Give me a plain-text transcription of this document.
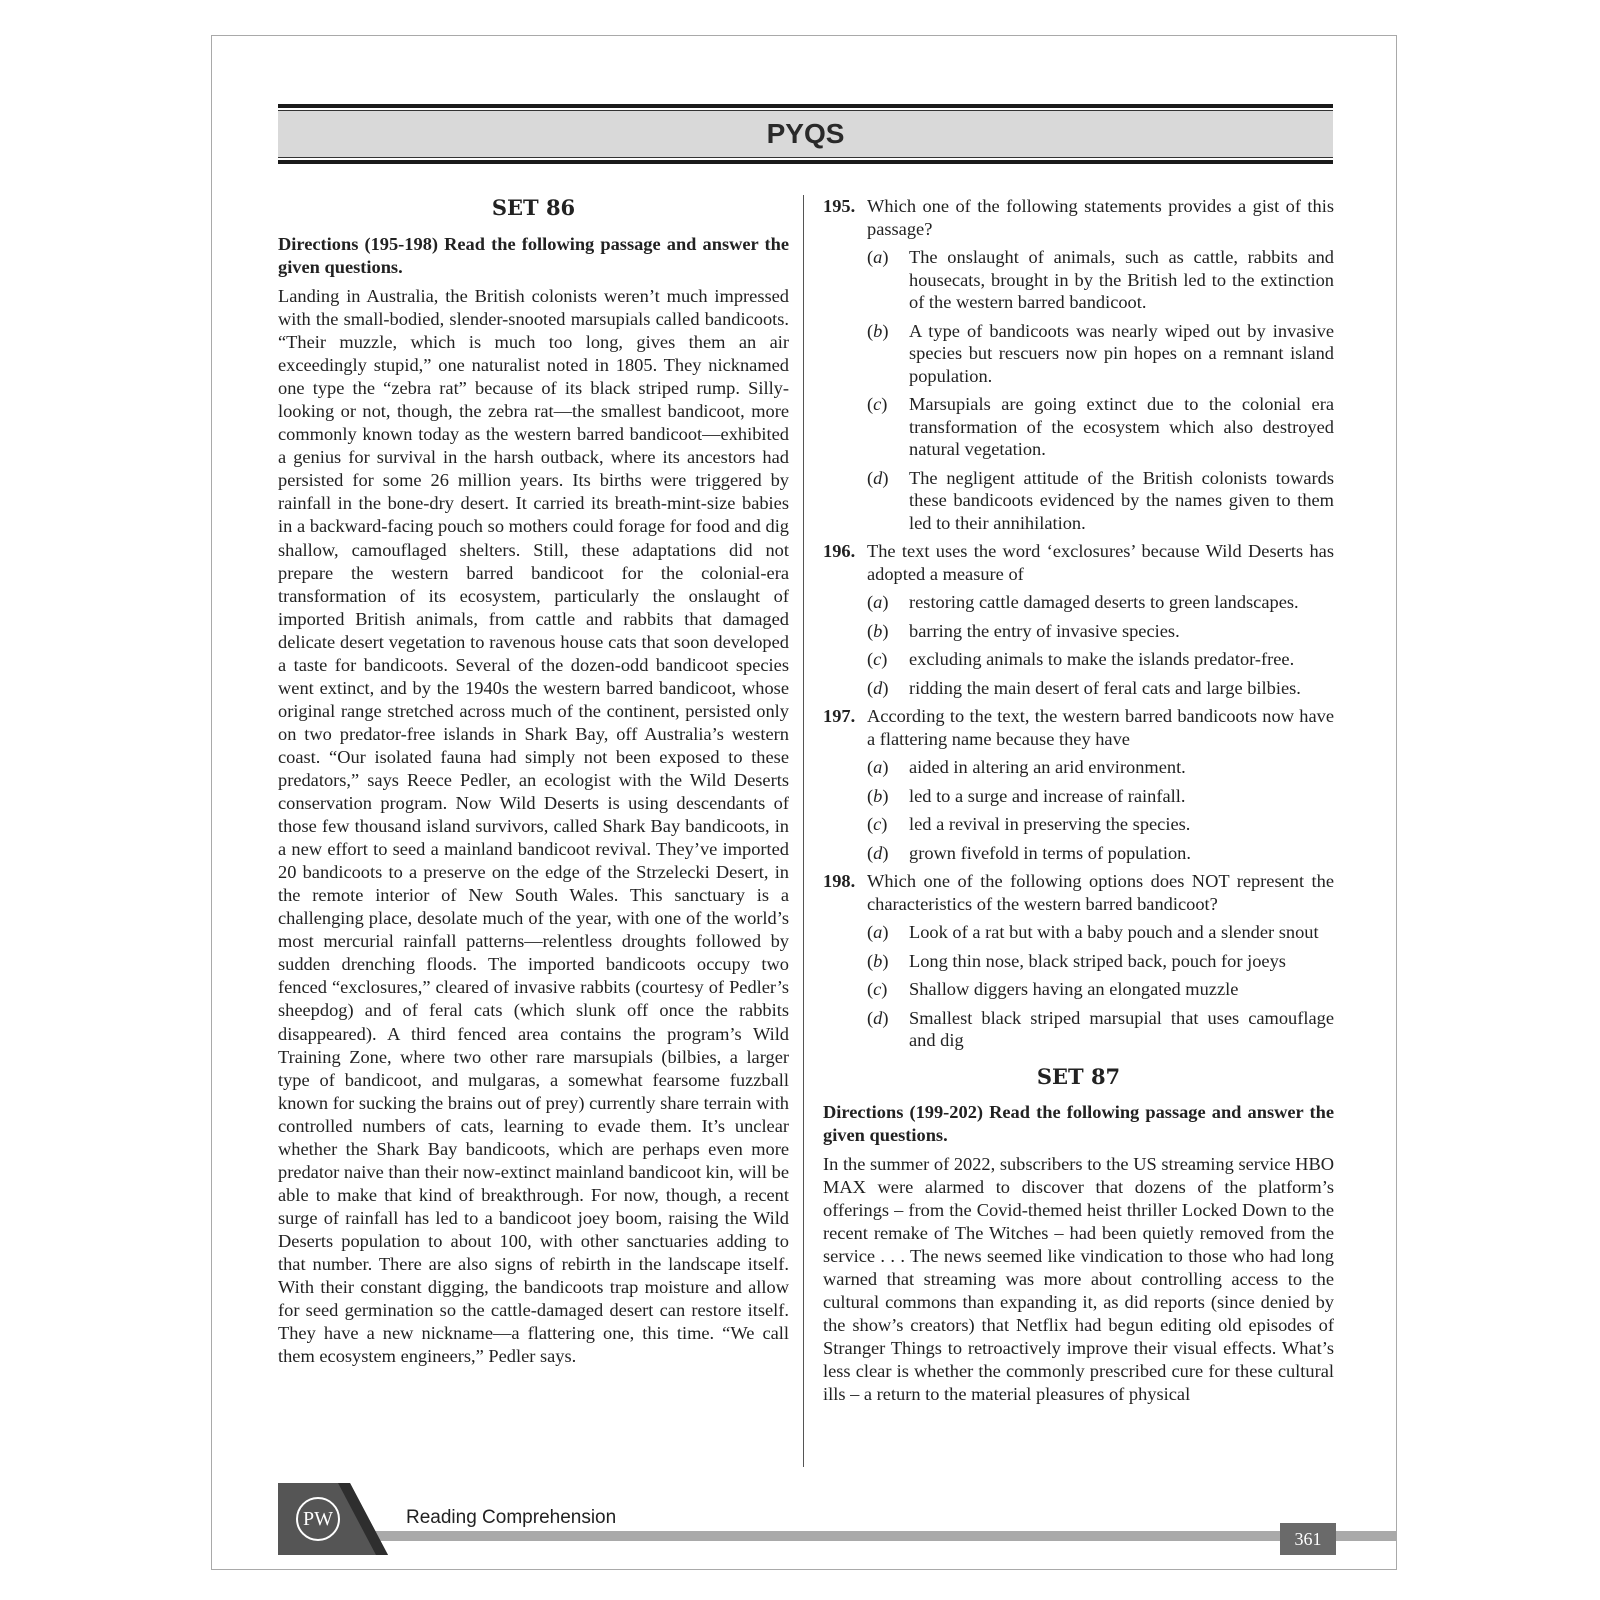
PYQS
SET 86

Directions (195-198) Read the following passage and answer the given questions.

Landing in Australia, the British colonists weren’t much impressed with the small-bodied, slender-snooted marsupials called bandicoots. “Their muzzle, which is much too long, gives them an air exceedingly stupid,” one naturalist noted in 1805. They nicknamed one type the “zebra rat” because of its black striped rump. Silly-looking or not, though, the zebra rat—the smallest bandicoot, more commonly known today as the western barred bandicoot—exhibited a genius for survival in the harsh outback, where its ancestors had persisted for some 26 million years. Its births were triggered by rainfall in the bone-dry desert. It carried its breath-mint-size babies in a backward-facing pouch so mothers could forage for food and dig shallow, camouflaged shelters. Still, these adaptations did not prepare the western barred bandicoot for the colonial-era transformation of its ecosystem, particularly the onslaught of imported British animals, from cattle and rabbits that damaged delicate desert vegetation to ravenous house cats that soon developed a taste for bandicoots. Several of the dozen-odd bandicoot species went extinct, and by the 1940s the western barred bandicoot, whose original range stretched across much of the continent, persisted only on two predator-free islands in Shark Bay, off Australia’s western coast. “Our isolated fauna had simply not been exposed to these predators,” says Reece Pedler, an ecologist with the Wild Deserts conservation program. Now Wild Deserts is using descendants of those few thousand island survivors, called Shark Bay bandicoots, in a new effort to seed a mainland bandicoot revival. They’ve imported 20 bandicoots to a preserve on the edge of the Strzelecki Desert, in the remote interior of New South Wales. This sanctuary is a challenging place, desolate much of the year, with one of the world’s most mercurial rainfall patterns—relentless droughts followed by sudden drenching floods. The imported bandicoots occupy two fenced “exclosures,” cleared of invasive rabbits (courtesy of Pedler’s sheepdog) and of feral cats (which slunk off once the rabbits disappeared). A third fenced area contains the program’s Wild Training Zone, where two other rare marsupials (bilbies, a larger type of bandicoot, and mulgaras, a somewhat fearsome fuzzball known for sucking the brains out of prey) currently share terrain with controlled numbers of cats, learning to evade them. It’s unclear whether the Shark Bay bandicoots, which are perhaps even more predator naive than their now-extinct mainland bandicoot kin, will be able to make that kind of breakthrough. For now, though, a recent surge of rainfall has led to a bandicoot joey boom, raising the Wild Deserts population to about 100, with other sanctuaries adding to that number. There are also signs of rebirth in the landscape itself. With their constant digging, the bandicoots trap moisture and allow for seed germination so the cattle-damaged desert can restore itself. They have a new nickname—a flattering one, this time. “We call them ecosystem engineers,” Pedler says.

195. Which one of the following statements provides a gist of this passage?
(a) The onslaught of animals, such as cattle, rabbits and housecats, brought in by the British led to the extinction of the western barred bandicoot.
(b) A type of bandicoots was nearly wiped out by invasive species but rescuers now pin hopes on a remnant island population.
(c) Marsupials are going extinct due to the colonial era transformation of the ecosystem which also destroyed natural vegetation.
(d) The negligent attitude of the British colonists towards these bandicoots evidenced by the names given to them led to their annihilation.
196. The text uses the word ‘exclosures’ because Wild Deserts has adopted a measure of
(a) restoring cattle damaged deserts to green landscapes.
(b) barring the entry of invasive species.
(c) excluding animals to make the islands predator-free.
(d) ridding the main desert of feral cats and large bilbies.
197. According to the text, the western barred bandicoots now have a flattering name because they have
(a) aided in altering an arid environment.
(b) led to a surge and increase of rainfall.
(c) led a revival in preserving the species.
(d) grown fivefold in terms of population.
198. Which one of the following options does NOT represent the characteristics of the western barred bandicoot?
(a) Look of a rat but with a baby pouch and a slender snout
(b) Long thin nose, black striped back, pouch for joeys
(c) Shallow diggers having an elongated muzzle
(d) Smallest black striped marsupial that uses camouflage and dig
SET 87

Directions (199-202) Read the following passage and answer the given questions.

In the summer of 2022, subscribers to the US streaming service HBO MAX were alarmed to discover that dozens of the platform’s offerings – from the Covid-themed heist thriller Locked Down to the recent remake of The Witches – had been quietly removed from the service . . . The news seemed like vindication to those who had long warned that streaming was more about controlling access to the cultural commons than expanding it, as did reports (since denied by the show’s creators) that Netflix had begun editing old episodes of Stranger Things to retroactively improve their visual effects. What’s less clear is whether the commonly prescribed cure for these cultural ills – a return to the material pleasures of physical

PW	Reading Comprehension
361
